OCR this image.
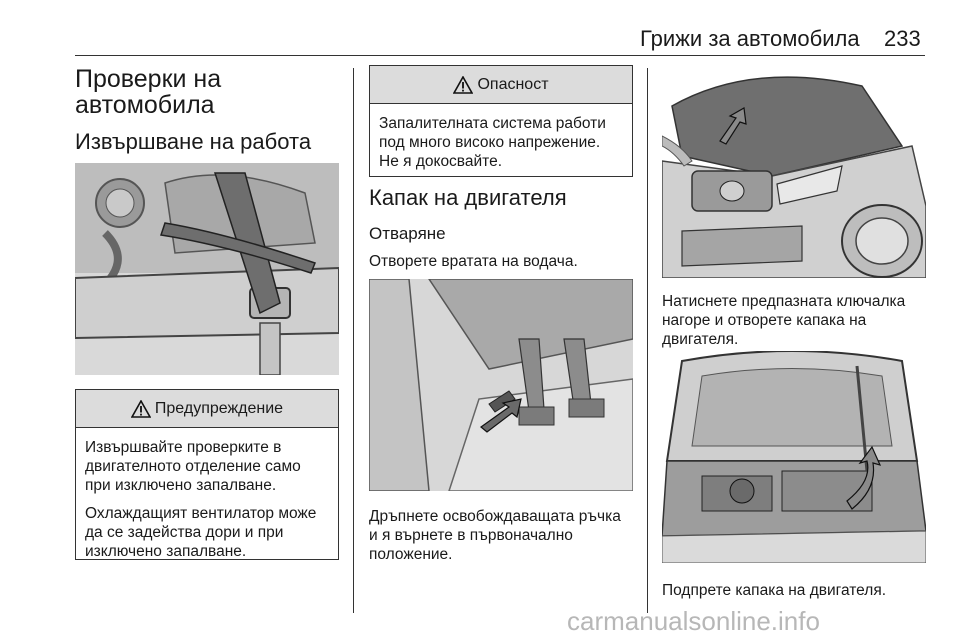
Грижи за автомобила 233
Проверки на
автомобила
Извършване на работа
Предупреждение

Извършвайте проверките в
двигателното отделение само
при изключено запалване.

Охлаждащият вентилатор може
да се задейства дори и при
изключено запалване.

Опасност
Запалителната система работи
под много високо напрежение.
Не я докосвайте.
Капак на двигателя
Отваряне
Отворете вратата на водача.
Дръпнете освобождаващата ръчка
и я върнете в първоначално
положение.
Натиснете предпазната ключалка
нагоре и отворете капака на
двигателя.
Подпрете капака на двигателя.
carmanualsonline.info
